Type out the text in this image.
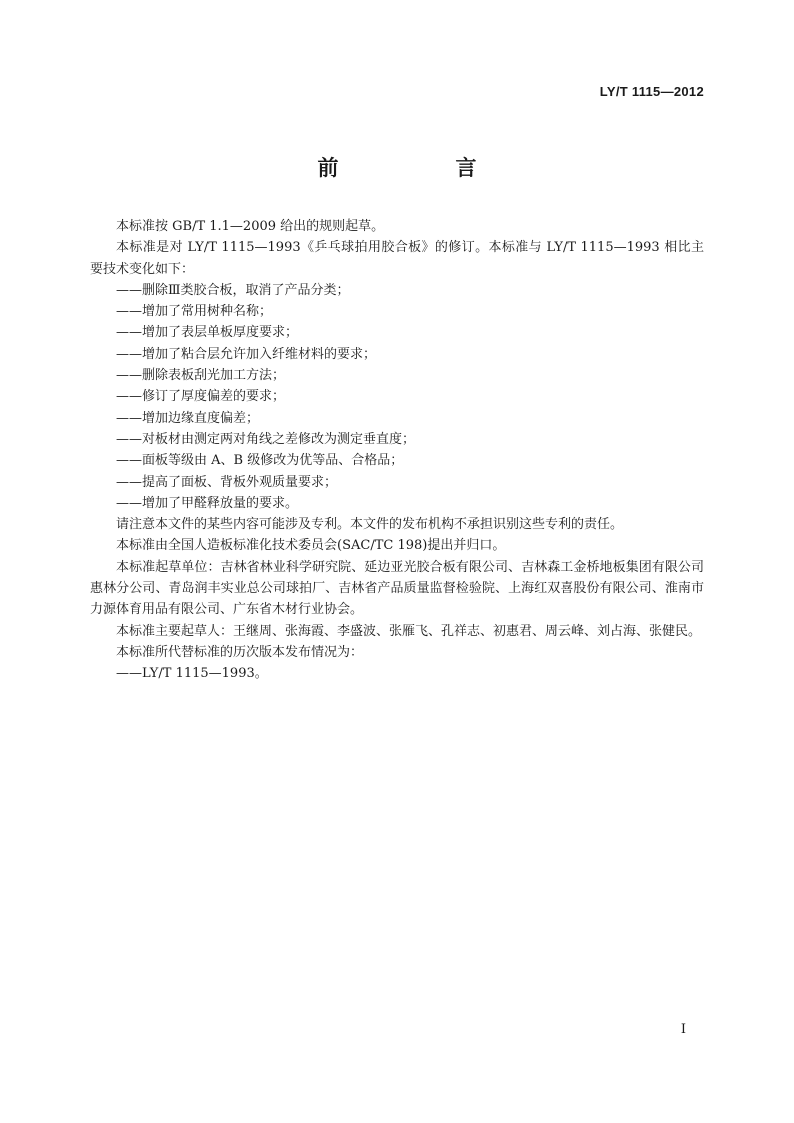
LY/T 1115—2012
前　言

本标准按 GB/T 1.1—2009 给出的规则起草。

本标准是对 LY/T 1115—1993《乒乓球拍用胶合板》的修订。本标准与 LY/T 1115—1993 相比主要技术变化如下：

——删除Ⅲ类胶合板，取消了产品分类；

——增加了常用树种名称；

——增加了表层单板厚度要求；

——增加了粘合层允许加入纤维材料的要求；

——删除表板刮光加工方法；

——修订了厚度偏差的要求；

——增加边缘直度偏差；

——对板材由测定两对角线之差修改为测定垂直度；

——面板等级由 A、B 级修改为优等品、合格品；

——提高了面板、背板外观质量要求；

——增加了甲醛释放量的要求。

请注意本文件的某些内容可能涉及专利。本文件的发布机构不承担识别这些专利的责任。

本标准由全国人造板标准化技术委员会(SAC/TC 198)提出并归口。

本标准起草单位：吉林省林业科学研究院、延边亚光胶合板有限公司、吉林森工金桥地板集团有限公司惠林分公司、青岛润丰实业总公司球拍厂、吉林省产品质量监督检验院、上海红双喜股份有限公司、淮南市力源体育用品有限公司、广东省木材行业协会。

本标准主要起草人：王继周、张海霞、李盛波、张雁飞、孔祥志、初惠君、周云峰、刘占海、张健民。

本标准所代替标准的历次版本发布情况为：

——LY/T 1115—1993。

I
